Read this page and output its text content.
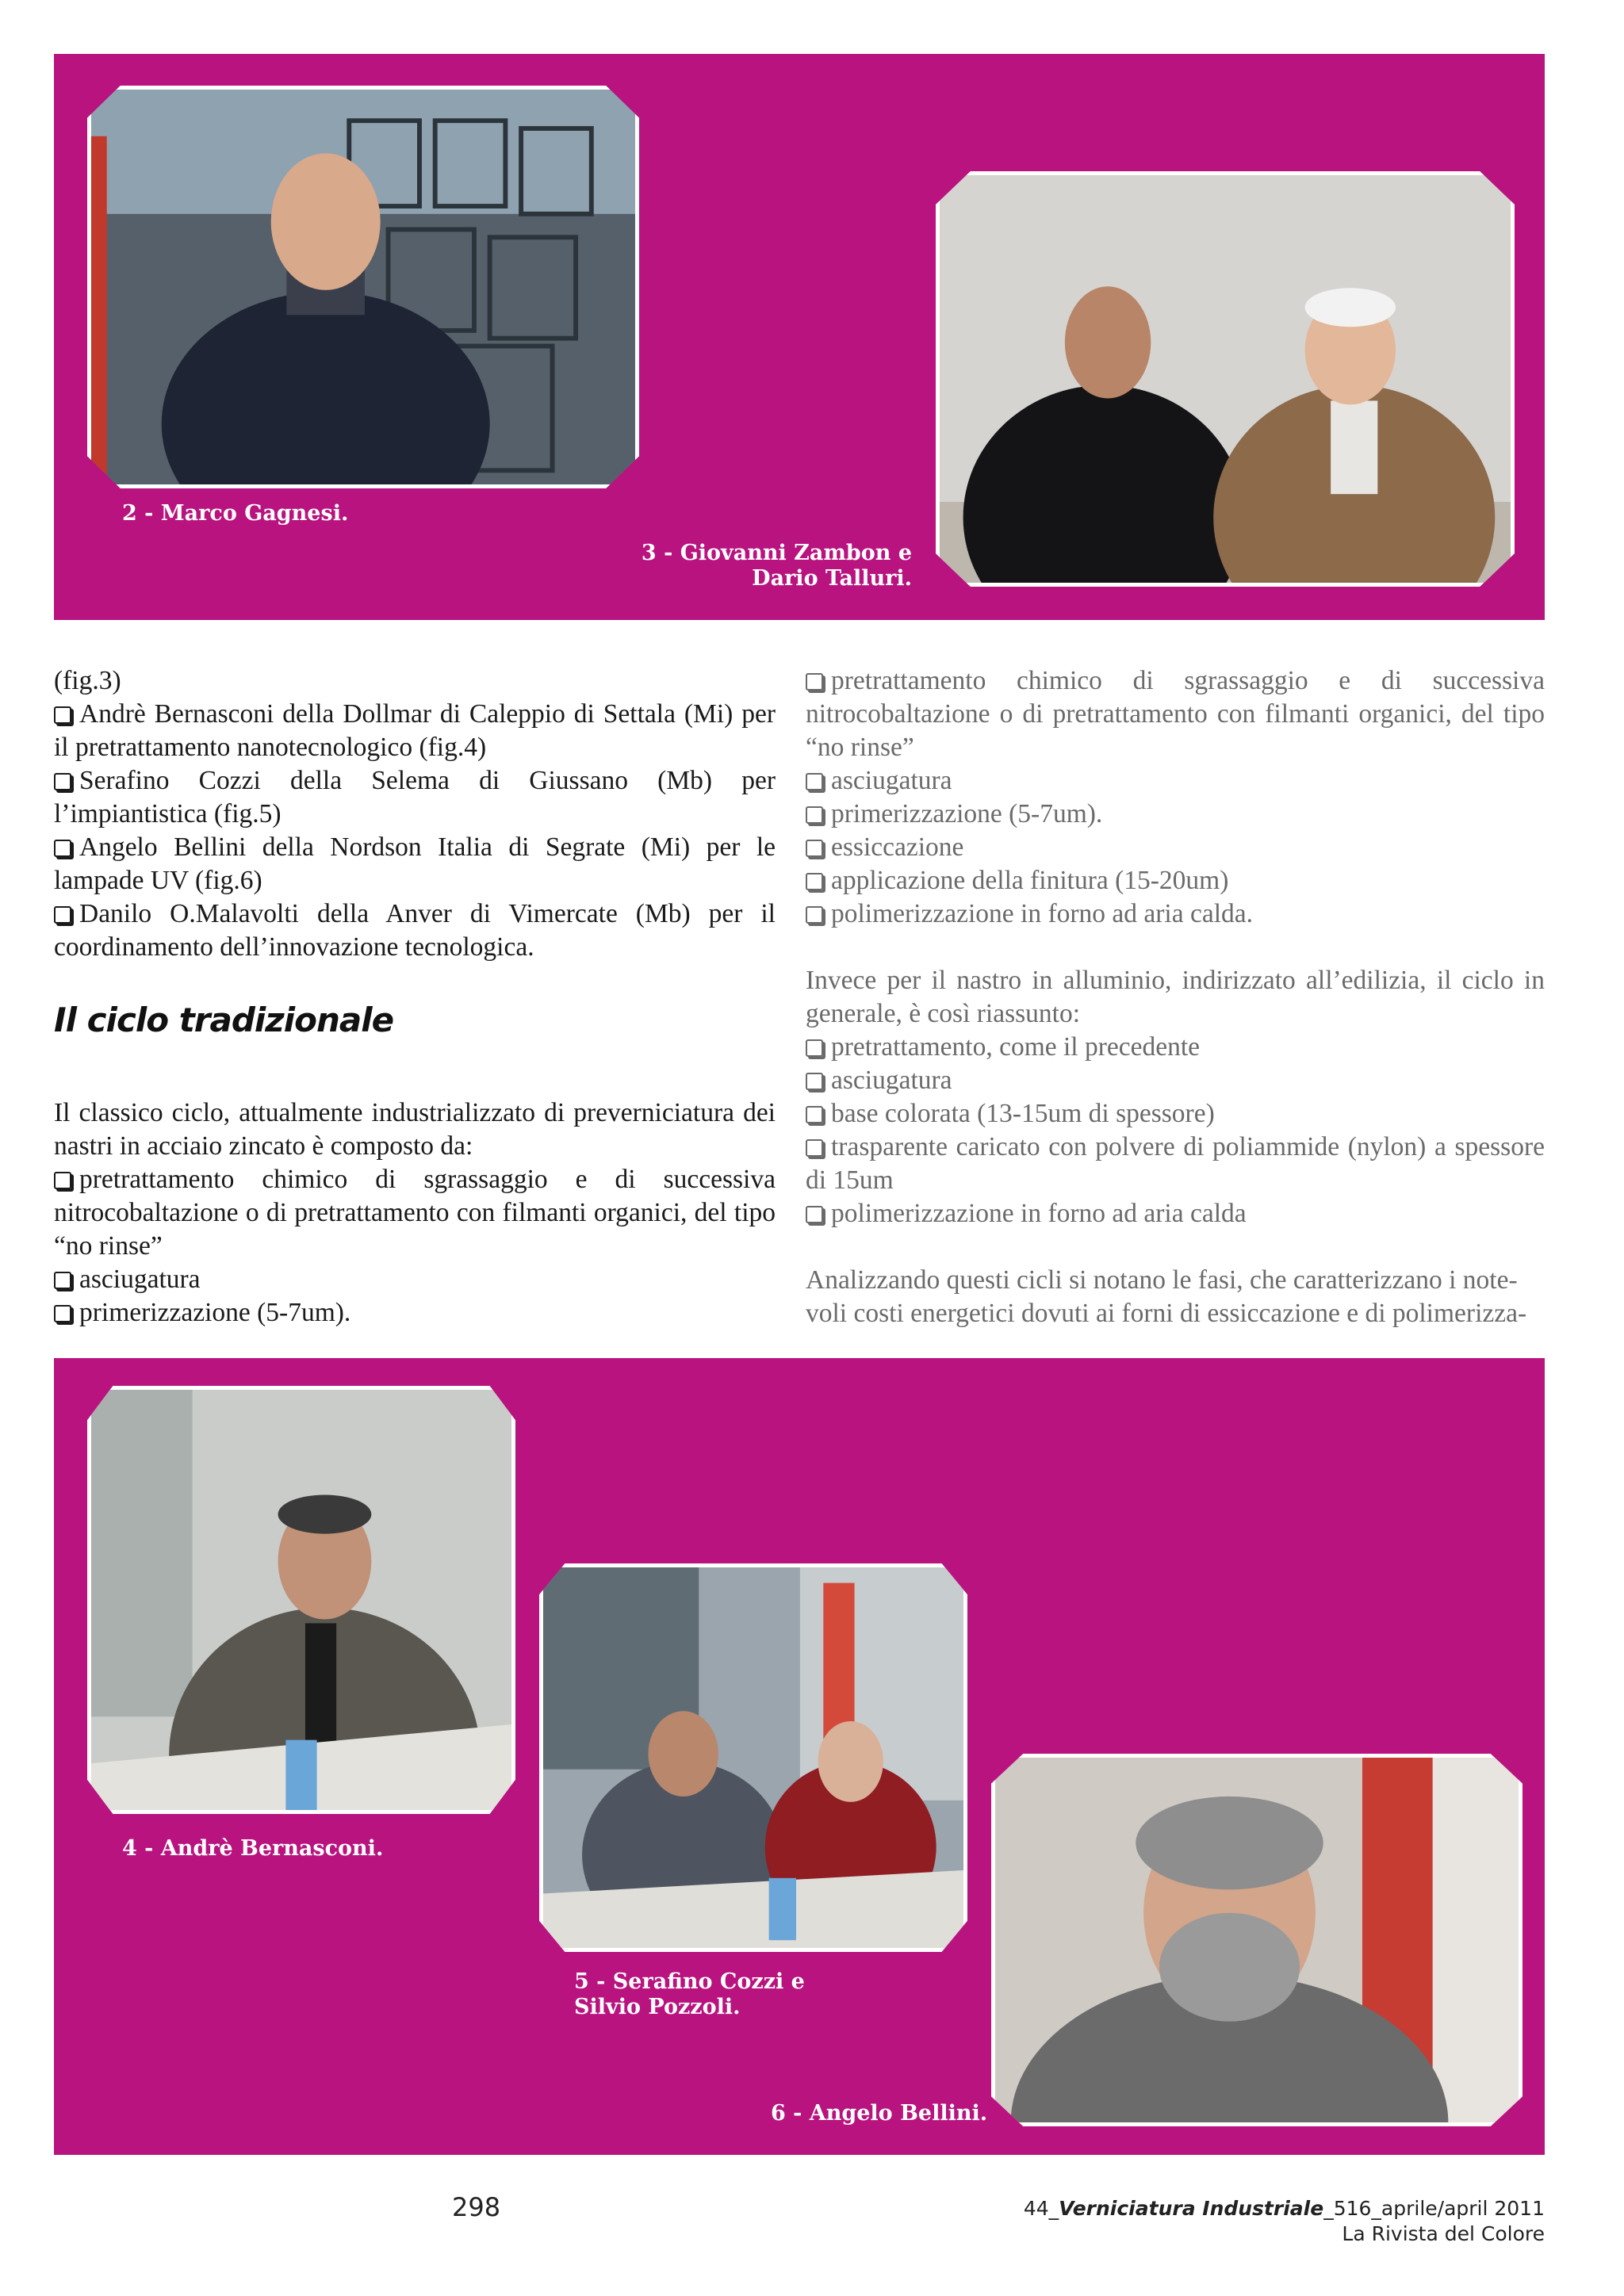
2 - Marco Gagnesi.
3 - Giovanni Zambon e
Dario Talluri.
(fig.3)
Andrè Bernasconi della Dollmar di Caleppio di Settala (Mi) per il pretrattamento nanotecnologico (fig.4)
Serafino Cozzi della Selema di Giussano (Mb) per l’impiantistica (fig.5)
Angelo Bellini della Nordson Italia di Segrate (Mi) per le lampade UV (fig.6)
Danilo O.Malavolti della Anver di Vimercate (Mb) per il coordinamento dell’innovazione tecnologica.
Il ciclo tradizionale

Il classico ciclo, attualmente industrializzato di preverniciatura dei nastri in acciaio zincato è composto da:

pretrattamento chimico di sgrassaggio e di successiva nitrocobaltazione o di pretrattamento con filmanti organici, del tipo “no rinse”
asciugatura
primerizzazione (5-7um).
pretrattamento chimico di sgrassaggio e di successiva nitrocobaltazione o di pretrattamento con filmanti organici, del tipo “no rinse”
asciugatura
primerizzazione (5-7um).
essiccazione
applicazione della finitura (15-20um)
polimerizzazione in forno ad aria calda.

Invece per il nastro in alluminio, indirizzato all’edilizia, il ciclo in generale, è così riassunto:

pretrattamento, come il precedente
asciugatura
base colorata (13-15um di spessore)
trasparente caricato con polvere di poliammide (nylon) a spessore di 15um
polimerizzazione in forno ad aria calda
Analizzando questi cicli si notano le fasi, che caratterizzano i note-
voli costi energetici dovuti ai forni di essiccazione e di polimerizza-
4 - Andrè Bernasconi.
5 - Serafino Cozzi e
Silvio Pozzoli.
6 - Angelo Bellini.
298	44_Verniciatura Industriale_516_aprile/april 2011
La Rivista del Colore
